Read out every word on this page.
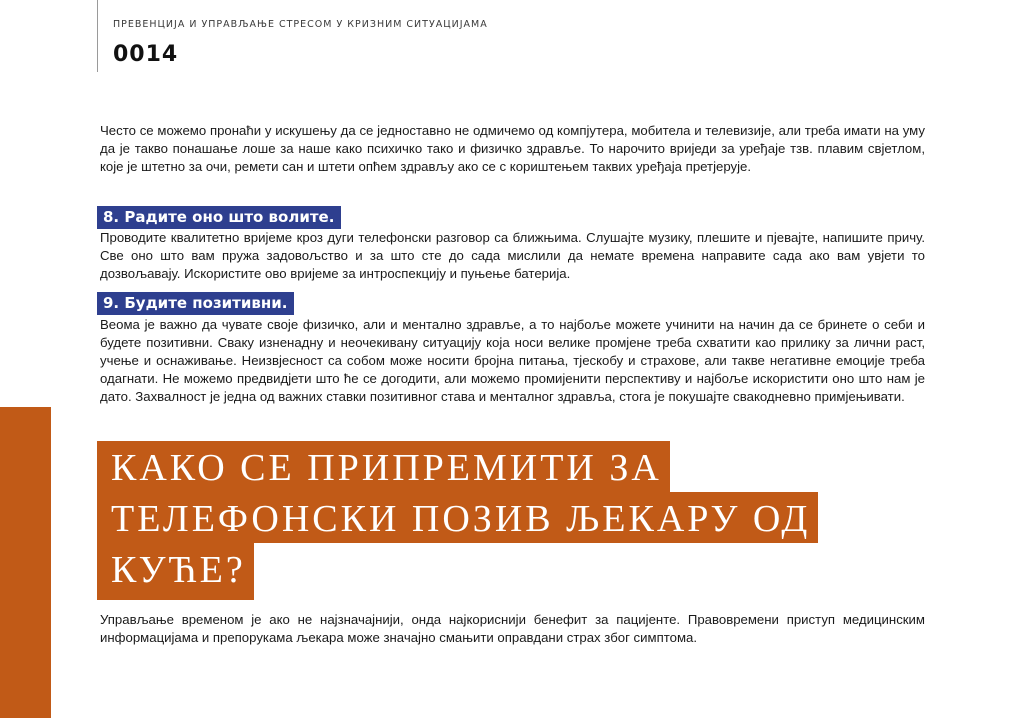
ПРЕВЕНЦИЈА И УПРАВЉАЊЕ СТРЕСОМ У КРИЗНИМ СИТУАЦИЈАМА
0014

Често се можемо пронаћи у искушењу да се једноставно не одмичемо од компјутера, мобитела и телевизије, али треба имати на уму да је такво понашање лоше за наше како психичко тако и физичко здравље. То нарочито вриједи за уређаје тзв. плавим свјетлом, које је штетно за очи, ремети сан и штети опћем здрављу ако се с кориштењем таквих уређаја претјерује.

8. Радите оно што волите.

Проводите квалитетно вријеме кроз дуги телефонски разговор са ближњима. Слушајте музику, плешите и пјевајте, напишите причу. Све оно што вам пружа задовољство и за што сте до сада мислили да немате времена направите сада ако вам увјети то дозвољавају. Искористите ово вријеме за интроспекцију и пуњење батерија.

9. Будите позитивни.

Веома је важно да чувате своје физичко, али и ментално здравље, а то најбоље можете учинити на начин да се бринете о себи и будете позитивни. Сваку изненадну и неочекивану ситуацију која носи велике промјене треба схватити као прилику за лични раст, учење и оснаживање. Неизвјесност са собом може носити бројна питања, тјескобу и страхове, али такве негативне емоције треба одагнати. Не можемо предвидјети што ће се догодити, али можемо промијенити перспективу и најбоље искористити оно што нам је дато. Захвалност је једна од важних ставки позитивног става и менталног здравља, стога је покушајте свакодневно примјењивати.

КАКО СЕ ПРИПРЕМИТИ ЗА
ТЕЛЕФОНСКИ ПОЗИВ ЉЕКАРУ ОД
КУЋЕ?

Управљање временом је ако не најзначајнији, онда најкориснији бенефит за пацијенте. Правовремени приступ медицинским информацијама и препорукама љекара може значајно смањити оправдани страх због симптома.
